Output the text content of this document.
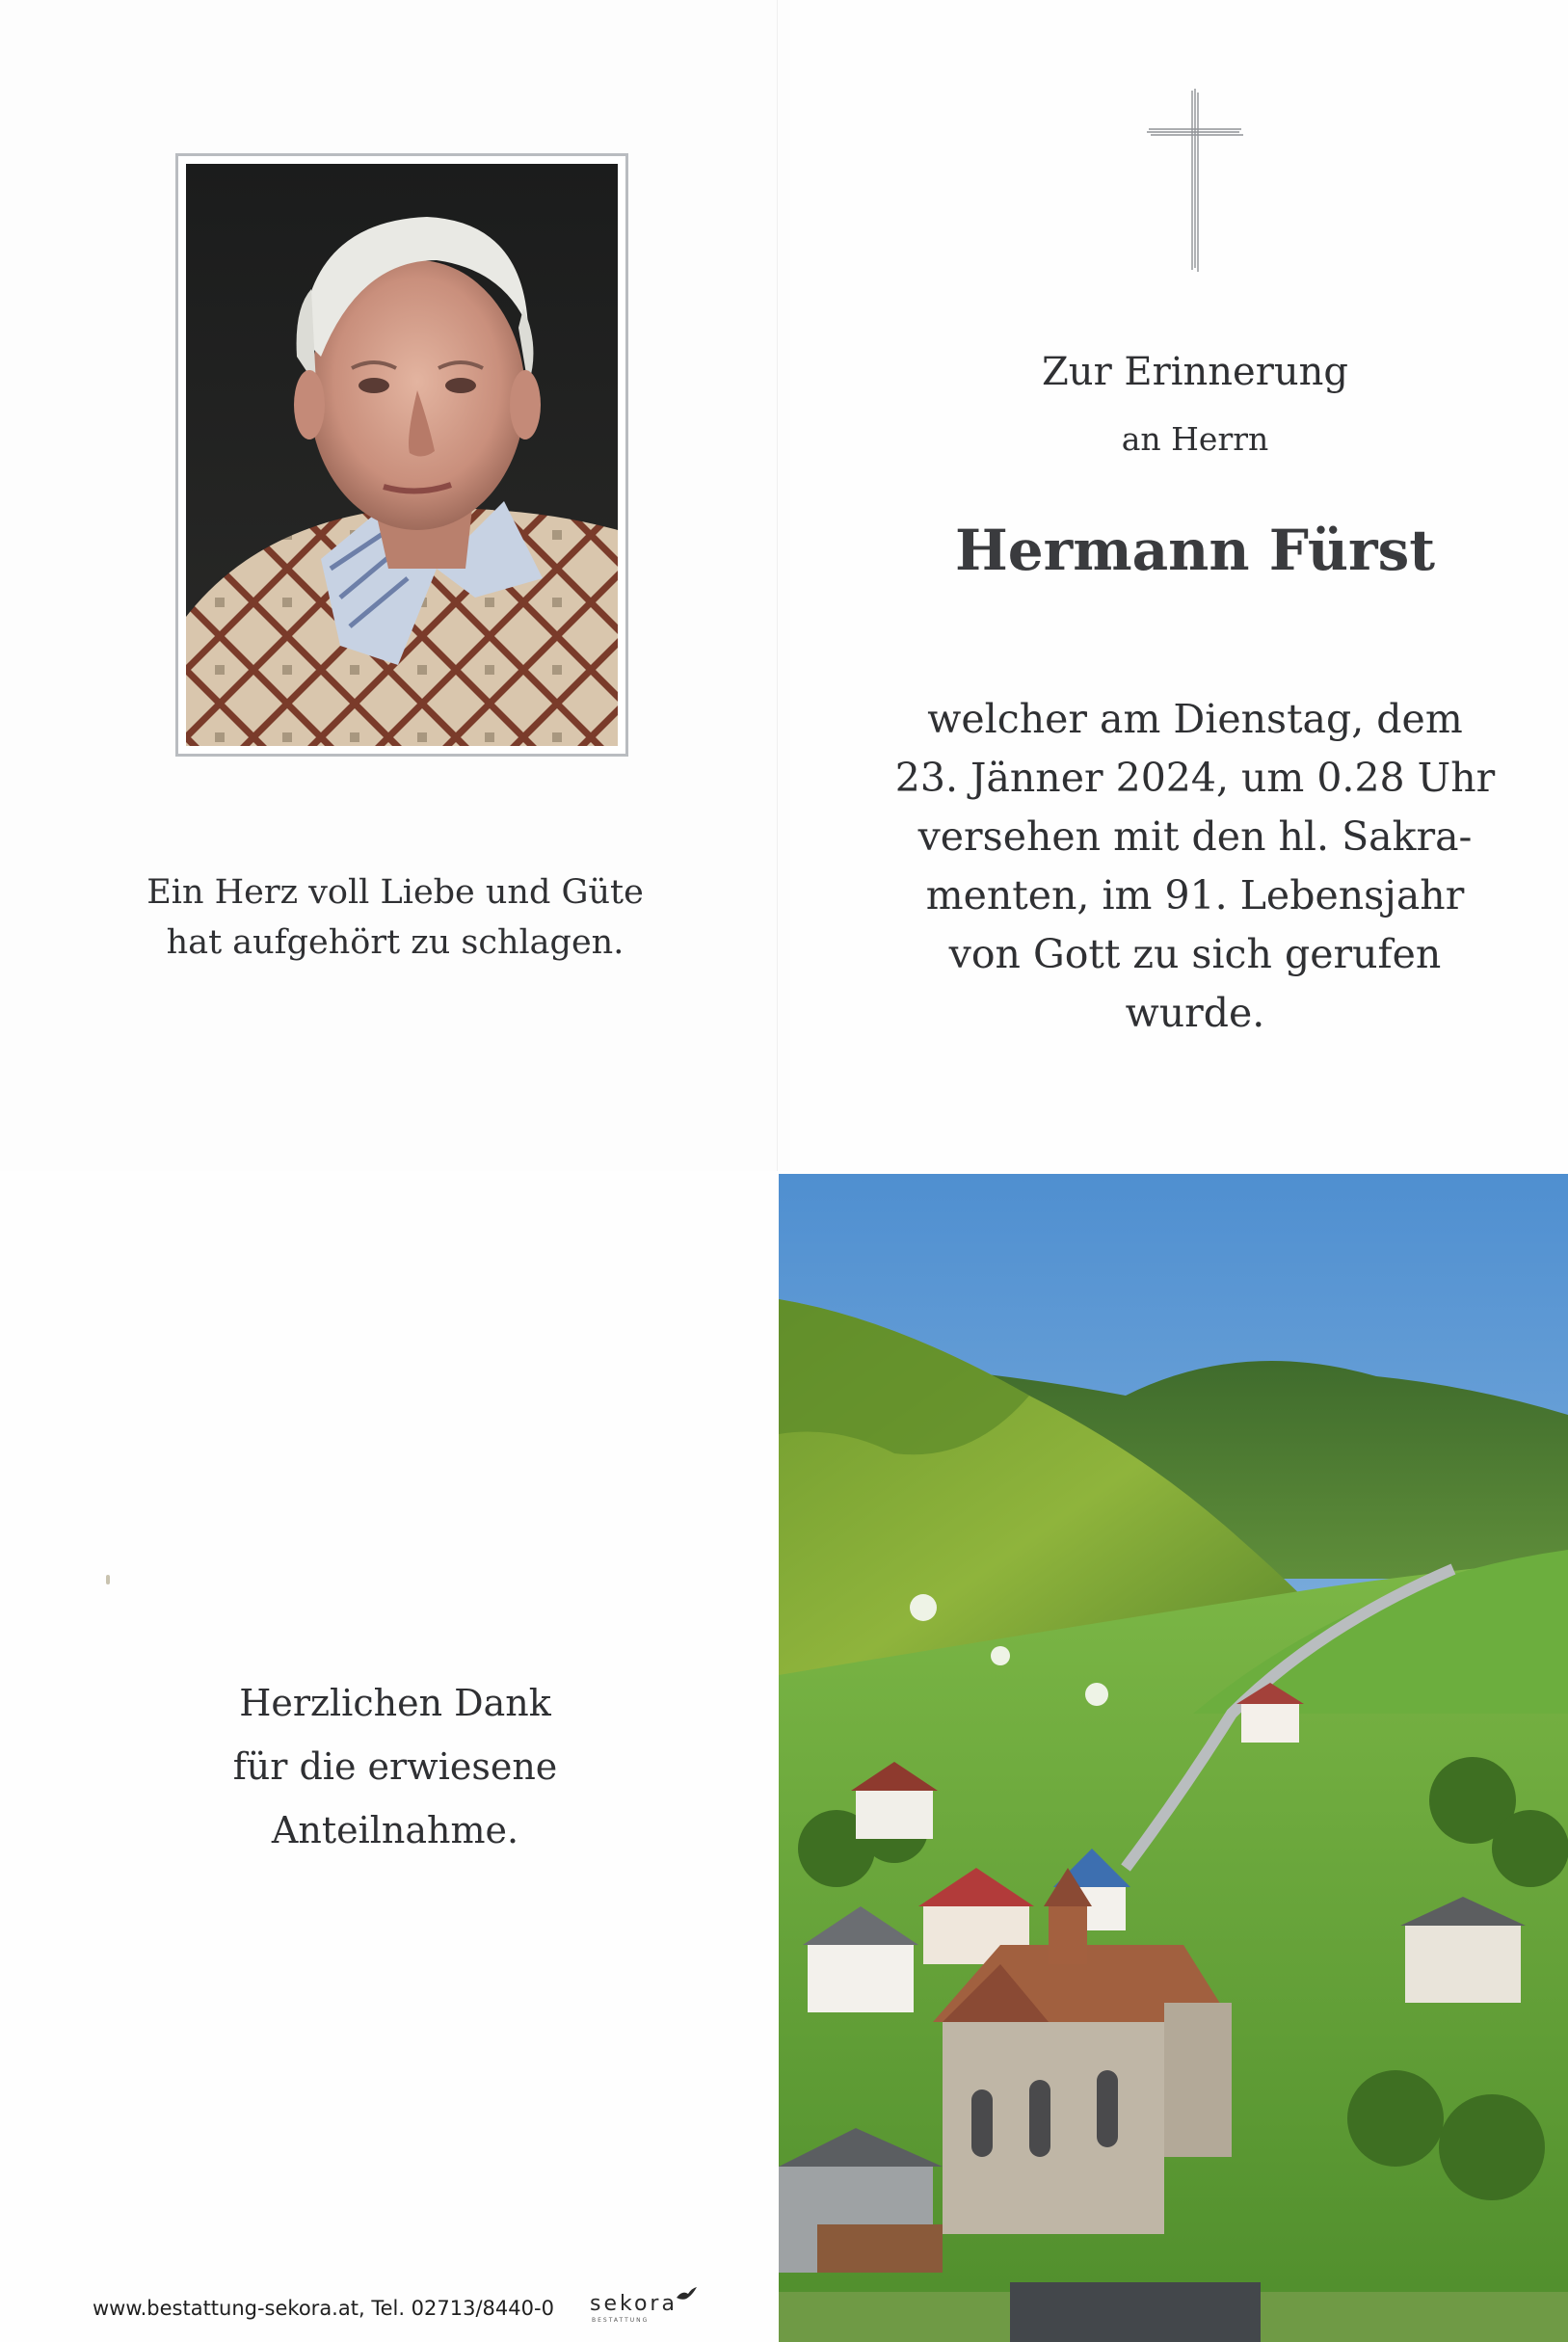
Ein Herz voll Liebe und Güte
hat aufgehört zu schlagen.
Zur Erinnerung
an Herrn
Hermann Fürst
welcher am Dienstag, dem
23. Jänner 2024, um 0.28 Uhr
versehen mit den hl. Sakra-
menten, im 91. Lebensjahr
von Gott zu sich gerufen
wurde.
Herzlichen Dank
für die erwiesene
Anteilnahme.
www.bestattung-sekora.at, Tel. 02713/8440-0 sekora
BESTATTUNG
